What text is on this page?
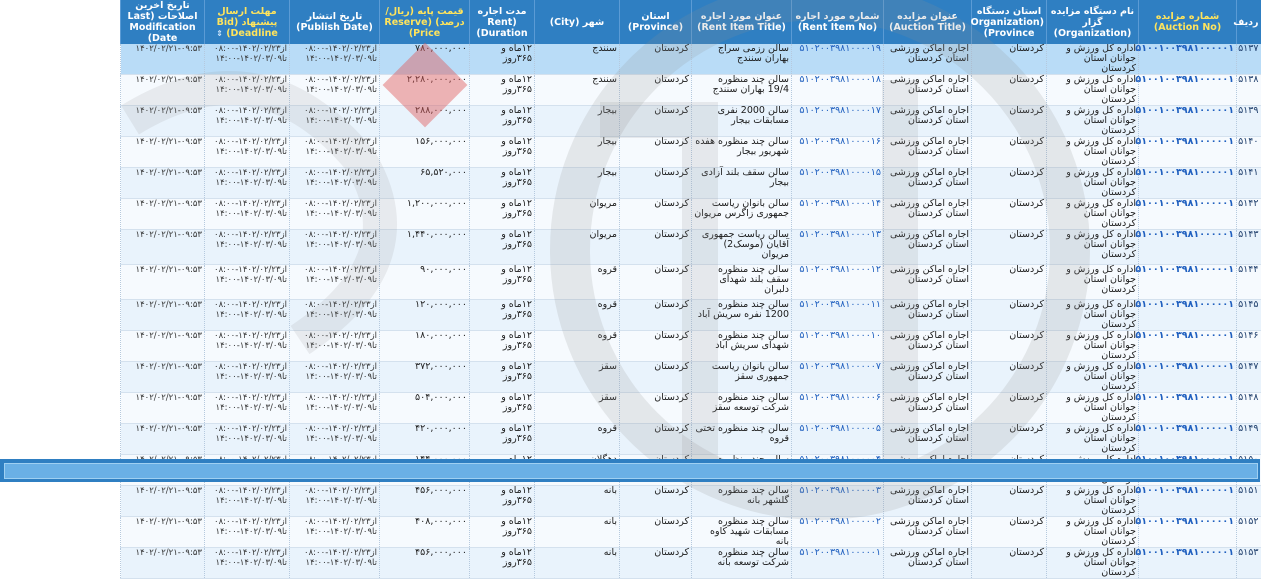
ردیف	شماره مزایده (Auction No)	نام دستگاه مزایده گزار (Organization)	استان دستگاه (Organization Province)	عنوان مزایده (Auction Title)	شماره مورد اجاره (Rent Item No)	عنوان مورد اجاره (Rent Item Title)	استان (Province)	شهر (City)	مدت اجاره (Rent Duration)	قیمت پایه (ریال/درصد) (Reserve Price)	تاریخ انتشار (Publish Date)	مهلت ارسال پیشنهاد (Bid Deadline) ⇕	تاریخ آخرین اصلاحات (Last Modification Date)
۵۱۳۷	۵۱۰۰۱۰۰۳۹۸۱۰۰۰۰۰۱	اداره کل ورزش و جوانان استان کردستان	کردستان	اجاره اماکن ورزشی استان کردستان	۵۱۰۲۰۰۳۹۸۱۰۰۰۰۱۹	سالن رزمی سراج بهاران سنندج	کردستان	سنندج	۱۲ماه و ۳۶۵روز	۷۸۰,۰۰۰,۰۰۰	از۱۴۰۲/۰۲/۲۳-۰۸:۰۰ تا۱۴۰۲/۰۳/۰۹-۱۴:۰۰	از۱۴۰۲/۰۲/۲۳-۰۸:۰۰ تا۱۴۰۲/۰۳/۰۹-۱۴:۰۰	۱۴۰۲/۰۲/۲۱-۰۹:۵۳
۵۱۳۸	۵۱۰۰۱۰۰۳۹۸۱۰۰۰۰۰۱	اداره کل ورزش و جوانان استان کردستان	کردستان	اجاره اماکن ورزشی استان کردستان	۵۱۰۲۰۰۳۹۸۱۰۰۰۰۱۸	سالن چند منظوره 19/4 بهاران سنندج	کردستان	سنندج	۱۲ماه و ۳۶۵روز	۲,۲۸۰,۰۰۰,۰۰۰	از۱۴۰۲/۰۲/۲۳-۰۸:۰۰ تا۱۴۰۲/۰۳/۰۹-۱۴:۰۰	از۱۴۰۲/۰۲/۲۳-۰۸:۰۰ تا۱۴۰۲/۰۳/۰۹-۱۴:۰۰	۱۴۰۲/۰۲/۲۱-۰۹:۵۳
۵۱۳۹	۵۱۰۰۱۰۰۳۹۸۱۰۰۰۰۰۱	اداره کل ورزش و جوانان استان کردستان	کردستان	اجاره اماکن ورزشی استان کردستان	۵۱۰۲۰۰۳۹۸۱۰۰۰۰۱۷	سالن 2000 نفری مسابقات بیجار	کردستان	بیجار	۱۲ماه و ۳۶۵روز	۲۸۸,۰۰۰,۰۰۰	از۱۴۰۲/۰۲/۲۳-۰۸:۰۰ تا۱۴۰۲/۰۳/۰۹-۱۴:۰۰	از۱۴۰۲/۰۲/۲۳-۰۸:۰۰ تا۱۴۰۲/۰۳/۰۹-۱۴:۰۰	۱۴۰۲/۰۲/۲۱-۰۹:۵۳
۵۱۴۰	۵۱۰۰۱۰۰۳۹۸۱۰۰۰۰۰۱	اداره کل ورزش و جوانان استان کردستان	کردستان	اجاره اماکن ورزشی استان کردستان	۵۱۰۲۰۰۳۹۸۱۰۰۰۰۱۶	سالن چند منظوره هفده شهریور بیجار	کردستان	بیجار	۱۲ماه و ۳۶۵روز	۱۵۶,۰۰۰,۰۰۰	از۱۴۰۲/۰۲/۲۳-۰۸:۰۰ تا۱۴۰۲/۰۳/۰۹-۱۴:۰۰	از۱۴۰۲/۰۲/۲۳-۰۸:۰۰ تا۱۴۰۲/۰۳/۰۹-۱۴:۰۰	۱۴۰۲/۰۲/۲۱-۰۹:۵۳
۵۱۴۱	۵۱۰۰۱۰۰۳۹۸۱۰۰۰۰۰۱	اداره کل ورزش و جوانان استان کردستان	کردستان	اجاره اماکن ورزشی استان کردستان	۵۱۰۲۰۰۳۹۸۱۰۰۰۰۱۵	سالن سقف بلند آزادی بیجار	کردستان	بیجار	۱۲ماه و ۳۶۵روز	۶۵,۵۲۰,۰۰۰	از۱۴۰۲/۰۲/۲۳-۰۸:۰۰ تا۱۴۰۲/۰۳/۰۹-۱۴:۰۰	از۱۴۰۲/۰۲/۲۳-۰۸:۰۰ تا۱۴۰۲/۰۳/۰۹-۱۴:۰۰	۱۴۰۲/۰۲/۲۱-۰۹:۵۳
۵۱۴۲	۵۱۰۰۱۰۰۳۹۸۱۰۰۰۰۰۱	اداره کل ورزش و جوانان استان کردستان	کردستان	اجاره اماکن ورزشی استان کردستان	۵۱۰۲۰۰۳۹۸۱۰۰۰۰۱۴	سالن بانوان ریاست جمهوری زاگرس مریوان	کردستان	مریوان	۱۲ماه و ۳۶۵روز	۱,۲۰۰,۰۰۰,۰۰۰	از۱۴۰۲/۰۲/۲۳-۰۸:۰۰ تا۱۴۰۲/۰۳/۰۹-۱۴:۰۰	از۱۴۰۲/۰۲/۲۳-۰۸:۰۰ تا۱۴۰۲/۰۳/۰۹-۱۴:۰۰	۱۴۰۲/۰۲/۲۱-۰۹:۵۳
۵۱۴۳	۵۱۰۰۱۰۰۳۹۸۱۰۰۰۰۰۱	اداره کل ورزش و جوانان استان کردستان	کردستان	اجاره اماکن ورزشی استان کردستان	۵۱۰۲۰۰۳۹۸۱۰۰۰۰۱۳	سالن ریاست جمهوری آقایان (موسک2) مریوان	کردستان	مریوان	۱۲ماه و ۳۶۵روز	۱,۴۴۰,۰۰۰,۰۰۰	از۱۴۰۲/۰۲/۲۳-۰۸:۰۰ تا۱۴۰۲/۰۳/۰۹-۱۴:۰۰	از۱۴۰۲/۰۲/۲۳-۰۸:۰۰ تا۱۴۰۲/۰۳/۰۹-۱۴:۰۰	۱۴۰۲/۰۲/۲۱-۰۹:۵۳
۵۱۴۴	۵۱۰۰۱۰۰۳۹۸۱۰۰۰۰۰۱	اداره کل ورزش و جوانان استان کردستان	کردستان	اجاره اماکن ورزشی استان کردستان	۵۱۰۲۰۰۳۹۸۱۰۰۰۰۱۲	سالن چند منظوره سقف بلند شهدای دلبران	کردستان	قروه	۱۲ماه و ۳۶۵روز	۹۰,۰۰۰,۰۰۰	از۱۴۰۲/۰۲/۲۳-۰۸:۰۰ تا۱۴۰۲/۰۳/۰۹-۱۴:۰۰	از۱۴۰۲/۰۲/۲۳-۰۸:۰۰ تا۱۴۰۲/۰۳/۰۹-۱۴:۰۰	۱۴۰۲/۰۲/۲۱-۰۹:۵۳
۵۱۴۵	۵۱۰۰۱۰۰۳۹۸۱۰۰۰۰۰۱	اداره کل ورزش و جوانان استان کردستان	کردستان	اجاره اماکن ورزشی استان کردستان	۵۱۰۲۰۰۳۹۸۱۰۰۰۰۱۱	سالن چند منظوره 1200 نفره سریش آباد	کردستان	قروه	۱۲ماه و ۳۶۵روز	۱۲۰,۰۰۰,۰۰۰	از۱۴۰۲/۰۲/۲۳-۰۸:۰۰ تا۱۴۰۲/۰۳/۰۹-۱۴:۰۰	از۱۴۰۲/۰۲/۲۳-۰۸:۰۰ تا۱۴۰۲/۰۳/۰۹-۱۴:۰۰	۱۴۰۲/۰۲/۲۱-۰۹:۵۳
۵۱۴۶	۵۱۰۰۱۰۰۳۹۸۱۰۰۰۰۰۱	اداره کل ورزش و جوانان استان کردستان	کردستان	اجاره اماکن ورزشی استان کردستان	۵۱۰۲۰۰۳۹۸۱۰۰۰۰۱۰	سالن چند منظوره شهدای سریش آباد	کردستان	قروه	۱۲ماه و ۳۶۵روز	۱۸۰,۰۰۰,۰۰۰	از۱۴۰۲/۰۲/۲۳-۰۸:۰۰ تا۱۴۰۲/۰۳/۰۹-۱۴:۰۰	از۱۴۰۲/۰۲/۲۳-۰۸:۰۰ تا۱۴۰۲/۰۳/۰۹-۱۴:۰۰	۱۴۰۲/۰۲/۲۱-۰۹:۵۳
۵۱۴۷	۵۱۰۰۱۰۰۳۹۸۱۰۰۰۰۰۱	اداره کل ورزش و جوانان استان کردستان	کردستان	اجاره اماکن ورزشی استان کردستان	۵۱۰۲۰۰۳۹۸۱۰۰۰۰۰۷	سالن بانوان ریاست جمهوری سقز	کردستان	سقز	۱۲ماه و ۳۶۵روز	۳۷۲,۰۰۰,۰۰۰	از۱۴۰۲/۰۲/۲۳-۰۸:۰۰ تا۱۴۰۲/۰۳/۰۹-۱۴:۰۰	از۱۴۰۲/۰۲/۲۳-۰۸:۰۰ تا۱۴۰۲/۰۳/۰۹-۱۴:۰۰	۱۴۰۲/۰۲/۲۱-۰۹:۵۳
۵۱۴۸	۵۱۰۰۱۰۰۳۹۸۱۰۰۰۰۰۱	اداره کل ورزش و جوانان استان کردستان	کردستان	اجاره اماکن ورزشی استان کردستان	۵۱۰۲۰۰۳۹۸۱۰۰۰۰۰۶	سالن چند منظوره شرکت توسعه سقز	کردستان	سقز	۱۲ماه و ۳۶۵روز	۵۰۴,۰۰۰,۰۰۰	از۱۴۰۲/۰۲/۲۳-۰۸:۰۰ تا۱۴۰۲/۰۳/۰۹-۱۴:۰۰	از۱۴۰۲/۰۲/۲۳-۰۸:۰۰ تا۱۴۰۲/۰۳/۰۹-۱۴:۰۰	۱۴۰۲/۰۲/۲۱-۰۹:۵۳
۵۱۴۹	۵۱۰۰۱۰۰۳۹۸۱۰۰۰۰۰۱	اداره کل ورزش و جوانان استان کردستان	کردستان	اجاره اماکن ورزشی استان کردستان	۵۱۰۲۰۰۳۹۸۱۰۰۰۰۰۵	سالن چند منظوره تختی قروه	کردستان	قروه	۱۲ماه و ۳۶۵روز	۴۲۰,۰۰۰,۰۰۰	از۱۴۰۲/۰۲/۲۳-۰۸:۰۰ تا۱۴۰۲/۰۳/۰۹-۱۴:۰۰	از۱۴۰۲/۰۲/۲۳-۰۸:۰۰ تا۱۴۰۲/۰۳/۰۹-۱۴:۰۰	۱۴۰۲/۰۲/۲۱-۰۹:۵۳

۵۱۵۱	۵۱۰۰۱۰۰۳۹۸۱۰۰۰۰۰۱	اداره کل ورزش و جوانان استان کردستان	کردستان	اجاره اماکن ورزشی استان کردستان	۵۱۰۲۰۰۳۹۸۱۰۰۰۰۰۳	سالن چند منظوره گلشهر بانه	کردستان	بانه	۱۲ماه و ۳۶۵روز	۴۵۶,۰۰۰,۰۰۰	از۱۴۰۲/۰۲/۲۳-۰۸:۰۰ تا۱۴۰۲/۰۳/۰۹-۱۴:۰۰	از۱۴۰۲/۰۲/۲۳-۰۸:۰۰ تا۱۴۰۲/۰۳/۰۹-۱۴:۰۰	۱۴۰۲/۰۲/۲۱-۰۹:۵۳
۵۱۵۲	۵۱۰۰۱۰۰۳۹۸۱۰۰۰۰۰۱	اداره کل ورزش و جوانان استان کردستان	کردستان	اجاره اماکن ورزشی استان کردستان	۵۱۰۲۰۰۳۹۸۱۰۰۰۰۰۲	سالن چند منظوره مسابقات شهید کاوه بانه	کردستان	بانه	۱۲ماه و ۳۶۵روز	۴۰۸,۰۰۰,۰۰۰	از۱۴۰۲/۰۲/۲۳-۰۸:۰۰ تا۱۴۰۲/۰۳/۰۹-۱۴:۰۰	از۱۴۰۲/۰۲/۲۳-۰۸:۰۰ تا۱۴۰۲/۰۳/۰۹-۱۴:۰۰	۱۴۰۲/۰۲/۲۱-۰۹:۵۳
۵۱۵۳	۵۱۰۰۱۰۰۳۹۸۱۰۰۰۰۰۱	اداره کل ورزش و جوانان استان کردستان	کردستان	اجاره اماکن ورزشی استان کردستان	۵۱۰۲۰۰۳۹۸۱۰۰۰۰۰۱	سالن چند منظوره شرکت توسعه بانه	کردستان	بانه	۱۲ماه و ۳۶۵روز	۴۵۶,۰۰۰,۰۰۰	از۱۴۰۲/۰۲/۲۳-۰۸:۰۰ تا۱۴۰۲/۰۳/۰۹-۱۴:۰۰	از۱۴۰۲/۰۲/۲۳-۰۸:۰۰ تا۱۴۰۲/۰۳/۰۹-۱۴:۰۰	۱۴۰۲/۰۲/۲۱-۰۹:۵۳
